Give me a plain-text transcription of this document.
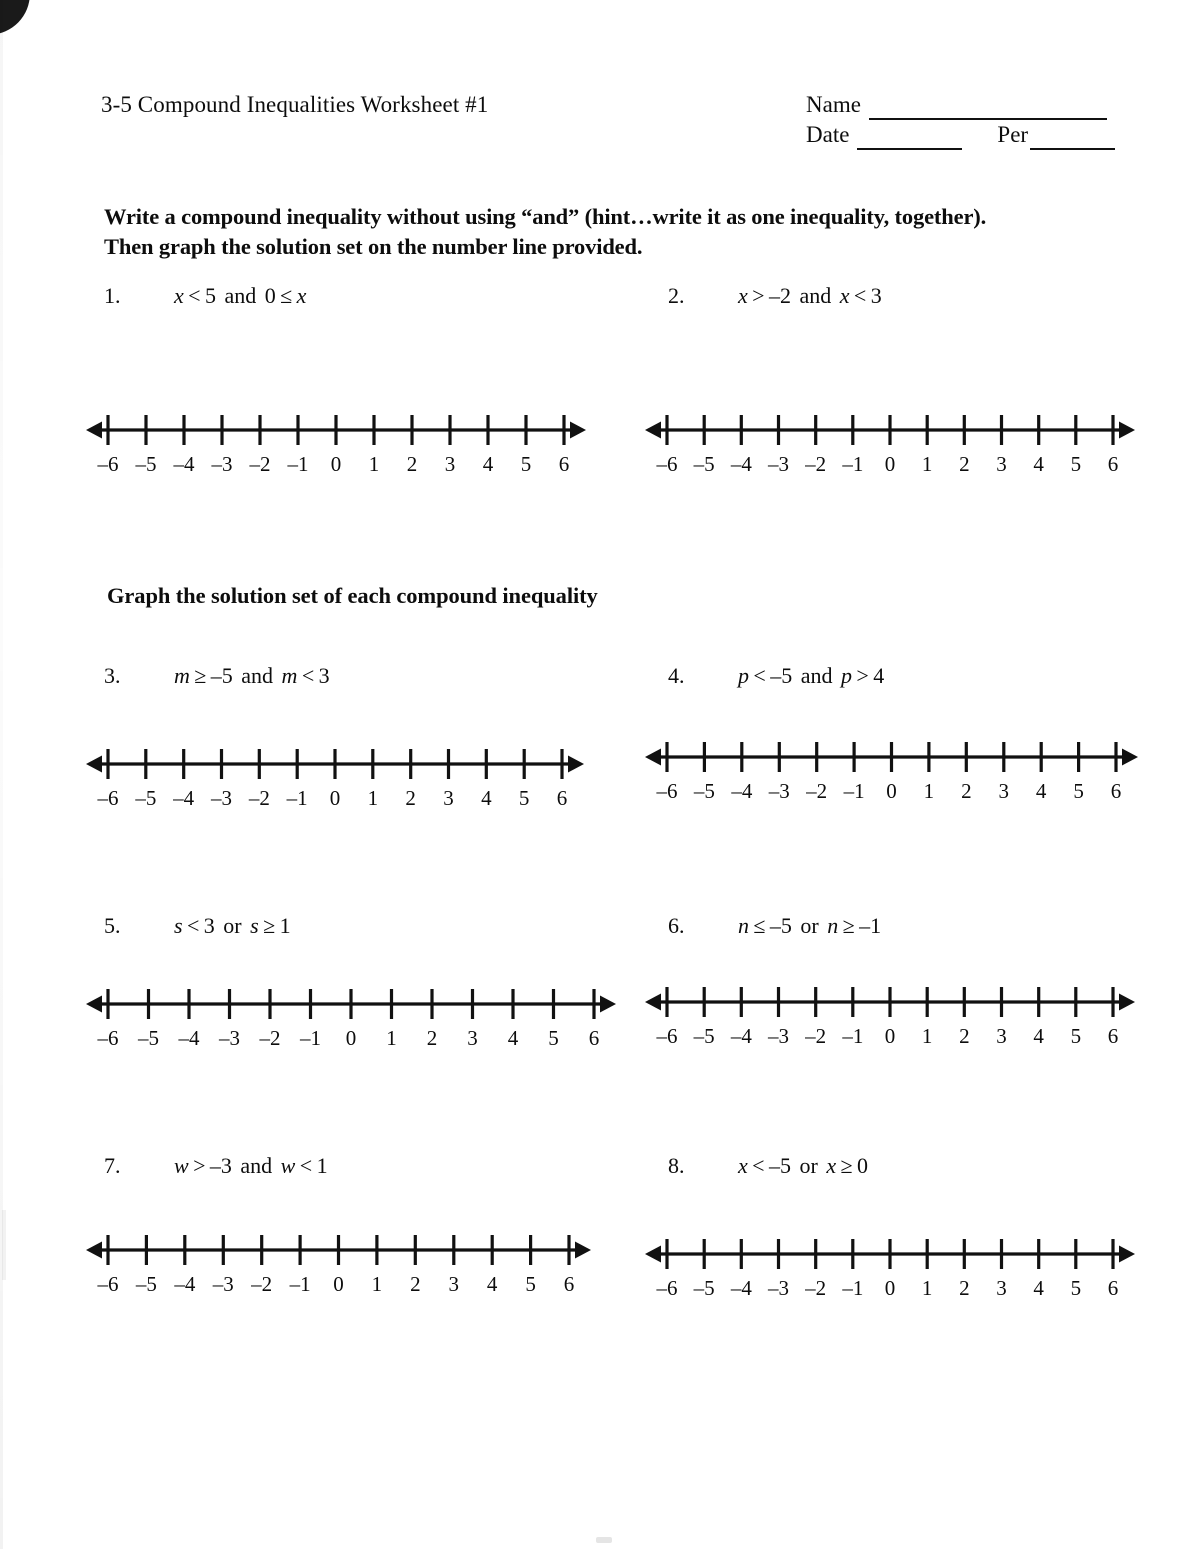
3-5 Compound Inequalities Worksheet #1	Name
Date	Per
Write a compound inequality without using “and” (hint…write it as one inequality, together).
Then graph the solution set on the number line provided.
Graph the solution set of each compound inequality
1. x < 5 and 0 ≤ x
–6 –5 –4 –3 –2 –1 0 1 2 3 4 5 6
2. x > –2 and x < 3
–6 –5 –4 –3 –2 –1 0 1 2 3 4 5 6
3. m ≥ –5 and m < 3
–6 –5 –4 –3 –2 –1 0 1 2 3 4 5 6
4. p < –5 and p > 4
–6 –5 –4 –3 –2 –1 0 1 2 3 4 5 6
5. s < 3 or s ≥ 1
–6 –5 –4 –3 –2 –1 0 1 2 3 4 5 6
6. n ≤ –5 or n ≥ –1
–6 –5 –4 –3 –2 –1 0 1 2 3 4 5 6
7. w > –3 and w < 1
–6 –5 –4 –3 –2 –1 0 1 2 3 4 5 6
8. x < –5 or x ≥ 0
–6 –5 –4 –3 –2 –1 0 1 2 3 4 5 6
